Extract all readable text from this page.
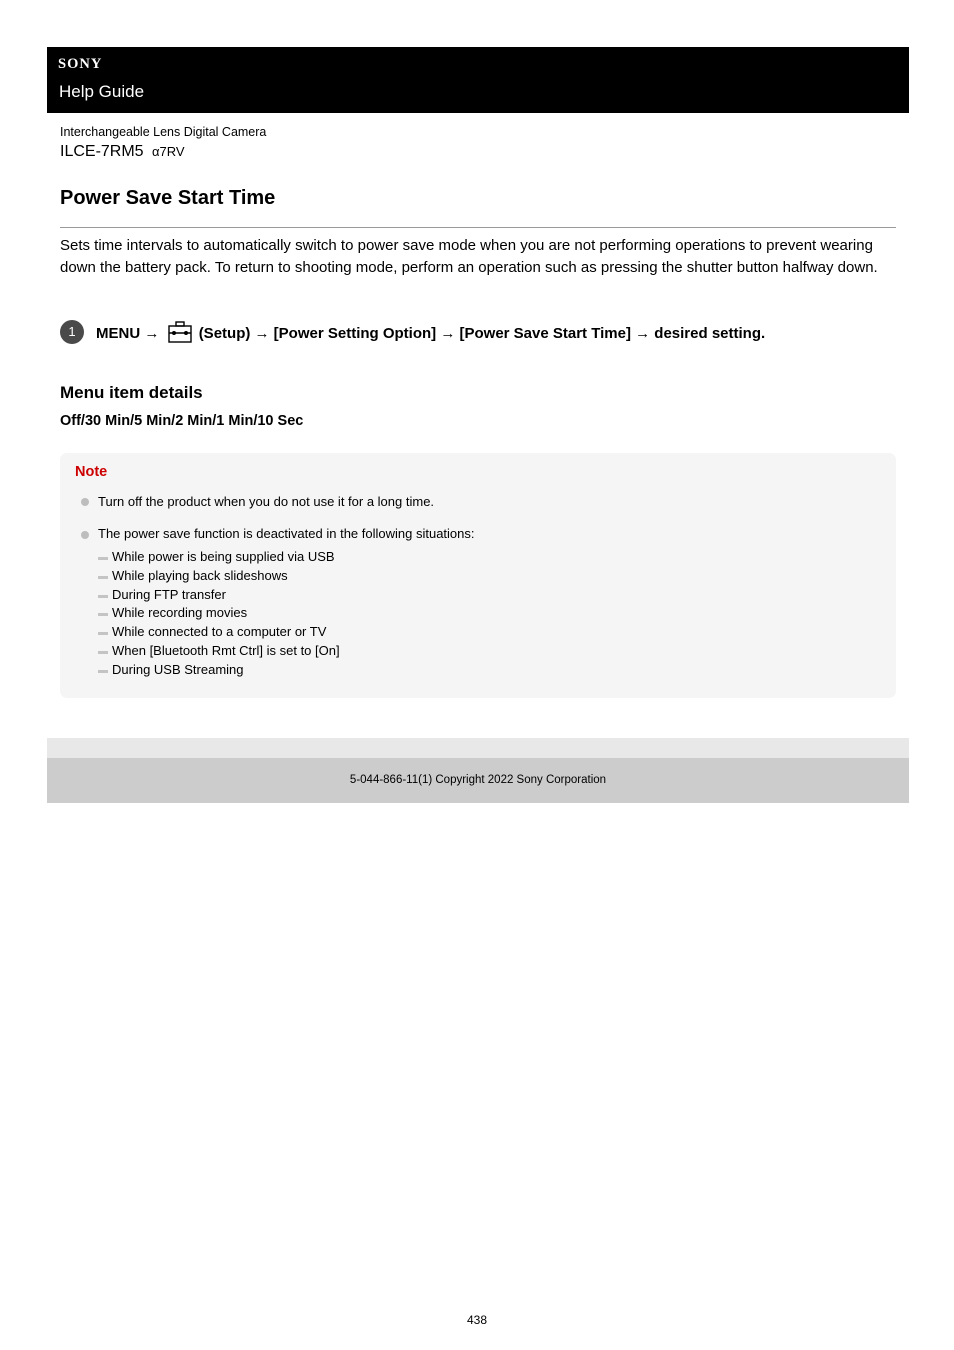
SONY
Help Guide
Interchangeable Lens Digital Camera
ILCE-7RM5 α7RV
Power Save Start Time

Sets time intervals to automatically switch to power save mode when you are not performing operations to prevent wearing down the battery pack. To return to shooting mode, perform an operation such as pressing the shutter button halfway down.

1	MENU →	(Setup) → [Power Setting Option] → [Power Save Start Time] → desired setting.
Menu item details
Off/30 Min/5 Min/2 Min/1 Min/10 Sec
Note
Turn off the product when you do not use it for a long time.
The power save function is deactivated in the following situations:
While power is being supplied via USB
While playing back slideshows
During FTP transfer
While recording movies
While connected to a computer or TV
When [Bluetooth Rmt Ctrl] is set to [On]
During USB Streaming
5-044-866-11(1) Copyright 2022 Sony Corporation
438
